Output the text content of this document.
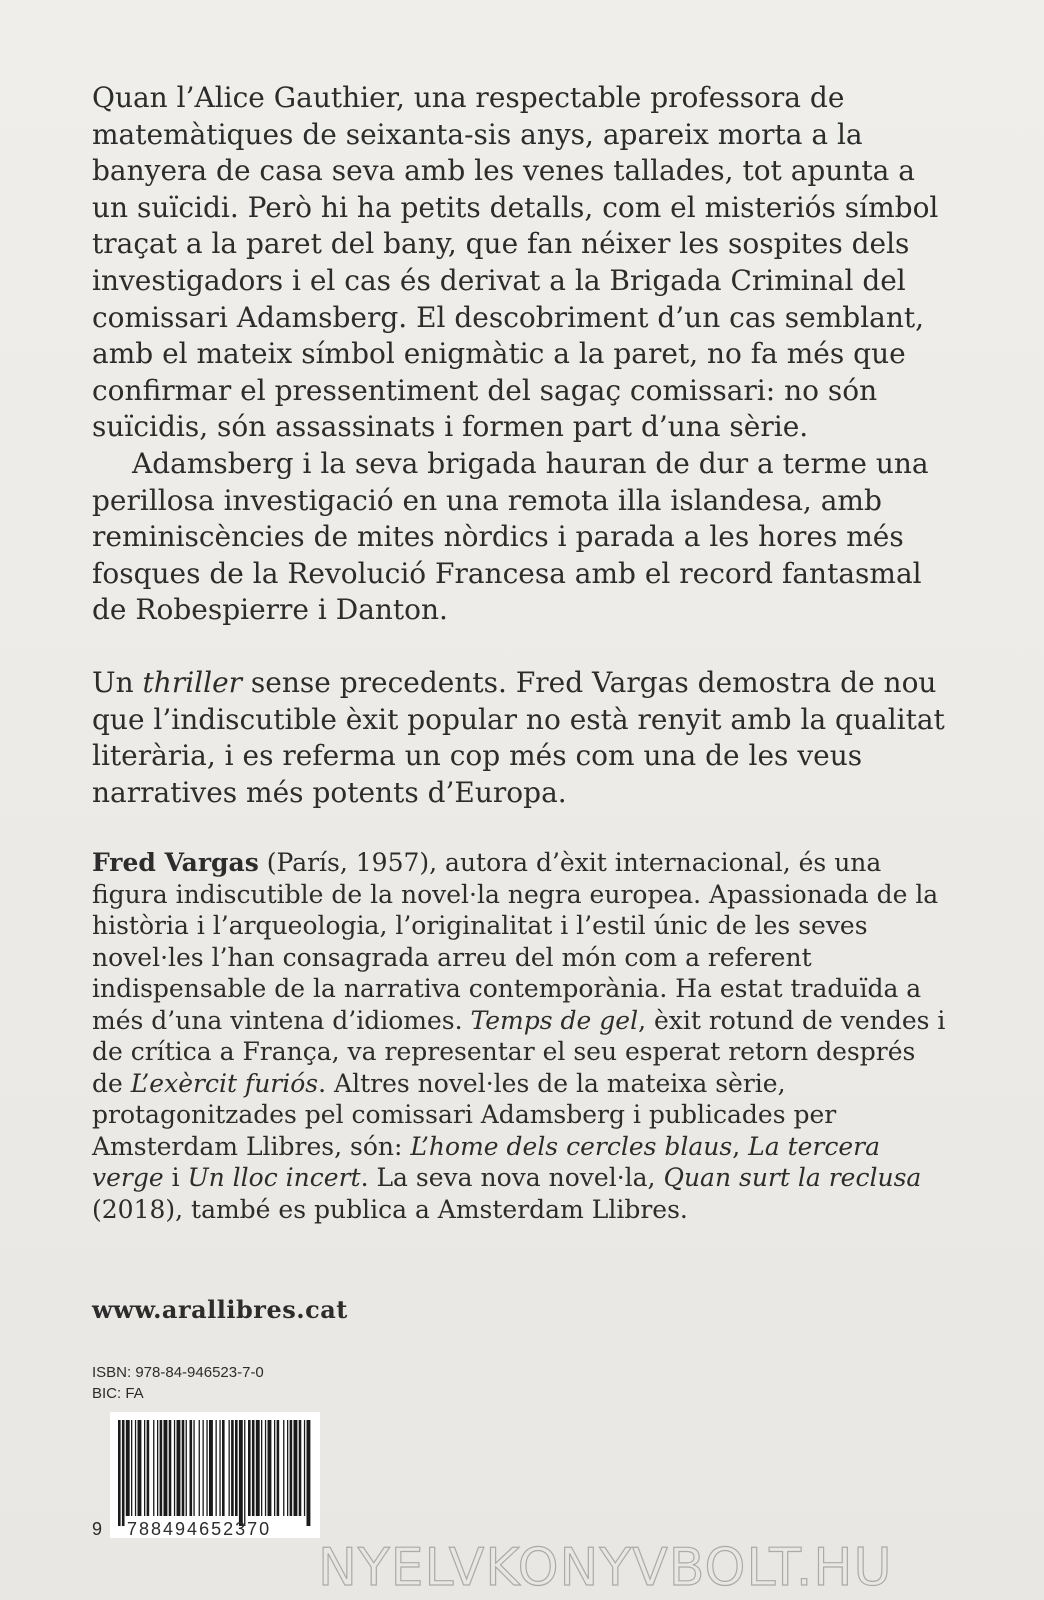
Quan l’Alice Gauthier, una respectable professora de matemàtiques de seixanta-sis anys, apareix morta a la banyera de casa seva amb les venes tallades, tot apunta a un suïcidi. Però hi ha petits detalls, com el misteriós símbol traçat a la paret del bany, que fan néixer les sospites dels investigadors i el cas és derivat a la Brigada Criminal del comissari Adamsberg. El descobriment d’un cas semblant, amb el mateix símbol enigmàtic a la paret, no fa més que confirmar el pressentiment del sagaç comissari: no són suïcidis, són assassinats i formen part d’una sèrie.

Adamsberg i la seva brigada hauran de dur a terme una perillosa investigació en una remota illa islandesa, amb reminiscències de mites nòrdics i parada a les hores més fosques de la Revolució Francesa amb el record fantasmal de Robespierre i Danton.

Un thriller sense precedents. Fred Vargas demostra de nou que l’indiscutible èxit popular no està renyit amb la qualitat literària, i es referma un cop més com una de les veus narratives més potents d’Europa.

Fred Vargas (París, 1957), autora d’èxit internacional, és una figura indiscutible de la novel·la negra europea. Apassionada de la història i l’arqueologia, l’originalitat i l’estil únic de les seves novel·les l’han consagrada arreu del món com a referent indispensable de la narrativa contemporània. Ha estat traduïda a més d’una vintena d’idiomes. Temps de gel, èxit rotund de vendes i de crítica a França, va representar el seu esperat retorn després de L’exèrcit furiós. Altres novel·les de la mateixa sèrie, protagonitzades pel comissari Adamsberg i publicades per Amsterdam Llibres, són: L’home dels cercles blaus, La tercera verge i Un lloc incert. La seva nova novel·la, Quan surt la reclusa (2018), també es publica a Amsterdam Llibres.

www.arallibres.cat
ISBN: 978-84-946523-7-0
BIC: FA
9 788494652370
NYELVKONYVBOLT.HU
